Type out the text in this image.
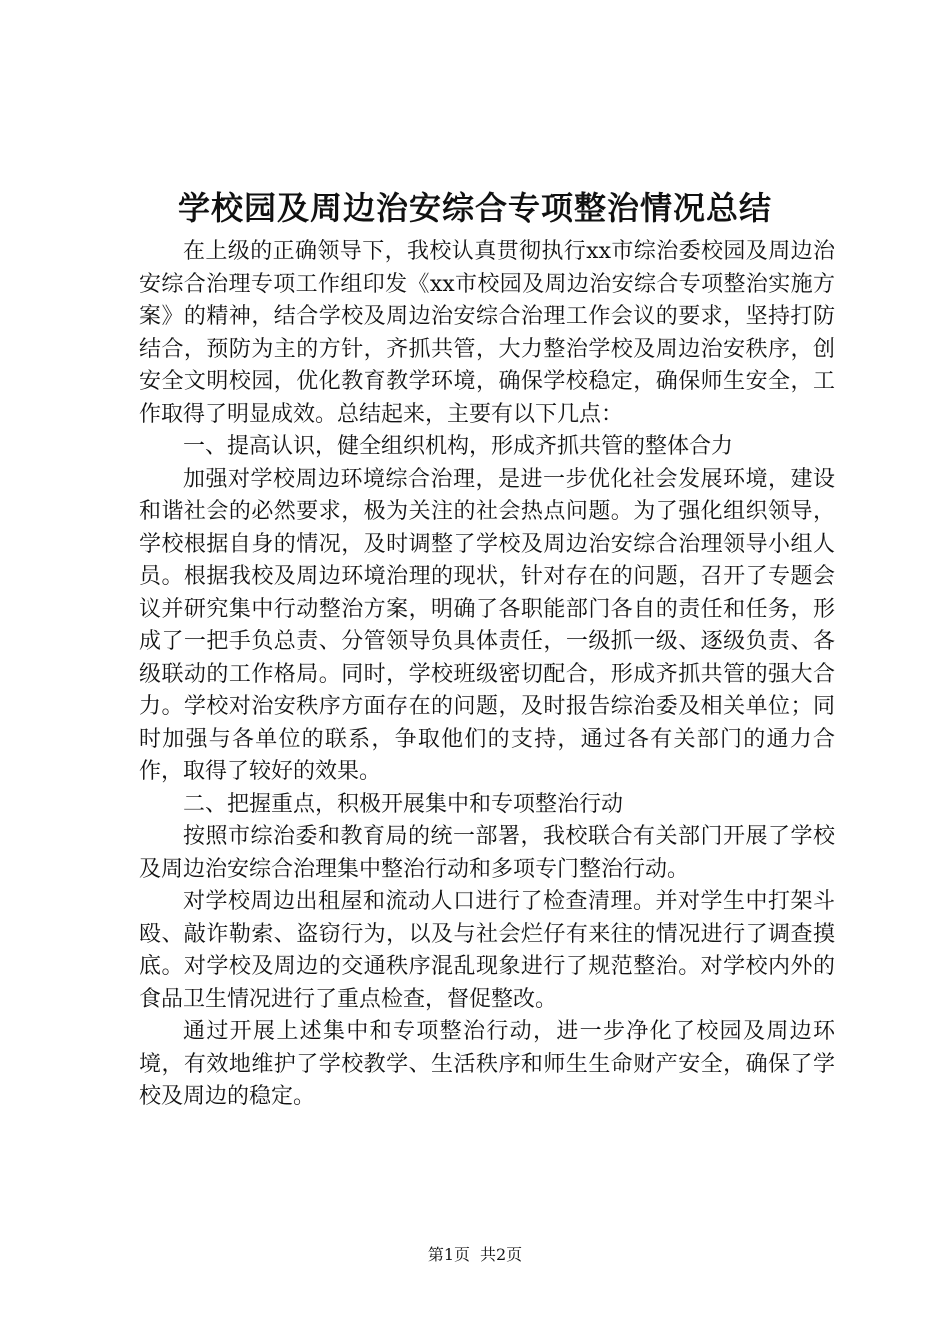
学校园及周边治安综合专项整治情况总结

在上级的正确领导下，我校认真贯彻执行xx市综治委校园及周边治安综合治理专项工作组印发《xx市校园及周边治安综合专项整治实施方案》的精神，结合学校及周边治安综合治理工作会议的要求，坚持打防结合，预防为主的方针，齐抓共管，大力整治学校及周边治安秩序，创安全文明校园，优化教育教学环境，确保学校稳定，确保师生安全，工作取得了明显成效。总结起来，主要有以下几点：

一、提高认识，健全组织机构，形成齐抓共管的整体合力

加强对学校周边环境综合治理，是进一步优化社会发展环境，建设和谐社会的必然要求，极为关注的社会热点问题。为了强化组织领导，学校根据自身的情况，及时调整了学校及周边治安综合治理领导小组人员。根据我校及周边环境治理的现状，针对存在的问题，召开了专题会议并研究集中行动整治方案，明确了各职能部门各自的责任和任务，形成了一把手负总责、分管领导负具体责任，一级抓一级、逐级负责、各级联动的工作格局。同时，学校班级密切配合，形成齐抓共管的强大合力。学校对治安秩序方面存在的问题，及时报告综治委及相关单位；同时加强与各单位的联系，争取他们的支持，通过各有关部门的通力合作，取得了较好的效果。

二、把握重点，积极开展集中和专项整治行动

按照市综治委和教育局的统一部署，我校联合有关部门开展了学校及周边治安综合治理集中整治行动和多项专门整治行动。

对学校周边出租屋和流动人口进行了检查清理。并对学生中打架斗殴、敲诈勒索、盗窃行为，以及与社会烂仔有来往的情况进行了调查摸底。对学校及周边的交通秩序混乱现象进行了规范整治。对学校内外的食品卫生情况进行了重点检查，督促整改。

通过开展上述集中和专项整治行动，进一步净化了校园及周边环境，有效地维护了学校教学、生活秩序和师生生命财产安全，确保了学校及周边的稳定。

第1页 共2页
